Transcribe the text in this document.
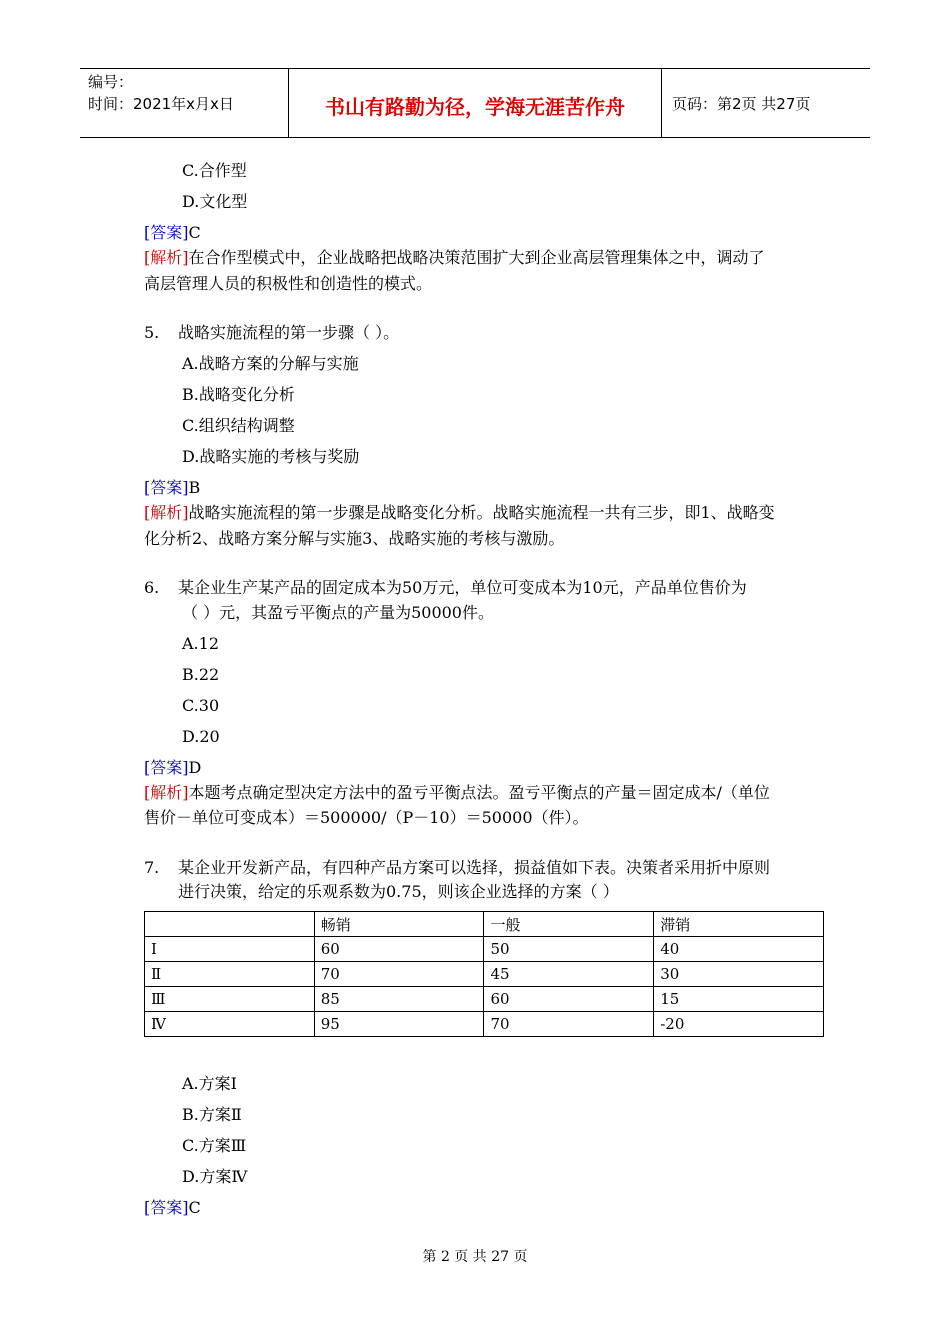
编号：
时间：2021年x月x日	书山有路勤为径，学海无涯苦作舟	页码：第2页 共27页
C.合作型
D.文化型
[答案]C
[解析]在合作型模式中，企业战略把战略决策范围扩大到企业高层管理集体之中，调动了
高层管理人员的积极性和创造性的模式。
5. 战略实施流程的第一步骤（ ）。
A.战略方案的分解与实施
B.战略变化分析
C.组织结构调整
D.战略实施的考核与奖励
[答案]B
[解析]战略实施流程的第一步骤是战略变化分析。战略实施流程一共有三步，即1、战略变
化分析2、战略方案分解与实施3、战略实施的考核与激励。
6. 某企业生产某产品的固定成本为50万元，单位可变成本为10元，产品单位售价为
（ ）元，其盈亏平衡点的产量为50000件。
A.12
B.22
C.30
D.20
[答案]D
[解析]本题考点确定型决定方法中的盈亏平衡点法。盈亏平衡点的产量＝固定成本/（单位
售价－单位可变成本）＝500000/（P－10）＝50000（件）。
7. 某企业开发新产品，有四种产品方案可以选择，损益值如下表。决策者采用折中原则
进行决策，给定的乐观系数为0.75，则该企业选择的方案（ ）
	畅销	一般	滞销
Ⅰ	60	50	40
Ⅱ	70	45	30
Ⅲ	85	60	15
Ⅳ	95	70	-20
A.方案Ⅰ
B.方案Ⅱ
C.方案Ⅲ
D.方案Ⅳ
[答案]C
第 2 页 共 27 页
